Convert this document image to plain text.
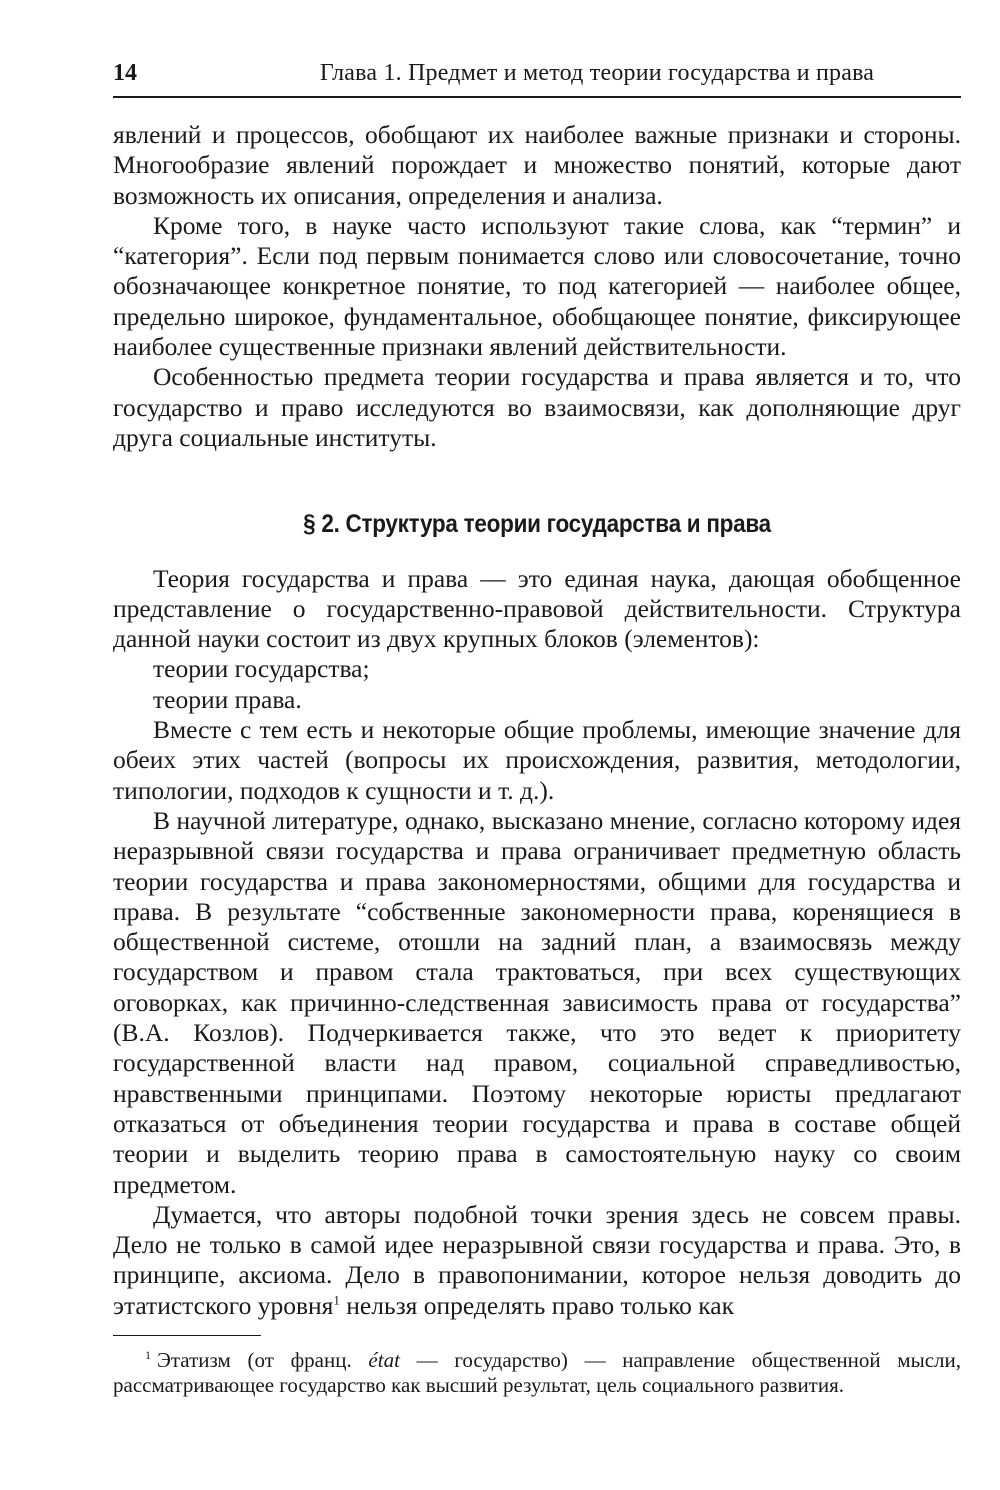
14	Глава 1. Предмет и метод теории государства и права

явлений и процессов, обобщают их наиболее важные признаки и стороны. Многообразие явлений порождает и множество понятий, которые дают возможность их описания, определения и анализа.

Кроме того, в науке часто используют такие слова, как “термин” и “категория”. Если под первым понимается слово или словосочетание, точно обозначающее конкретное понятие, то под категорией — наиболее общее, предельно широкое, фундаментальное, обобщающее понятие, фиксирующее наиболее существенные признаки явлений действительности.

Особенностью предмета теории государства и права является и то, что государство и право исследуются во взаимосвязи, как дополняющие друг друга социальные институты.

§ 2. Структура теории государства и права

Теория государства и права — это единая наука, дающая обобщенное представление о государственно-правовой действительности. Структура данной науки состоит из двух крупных блоков (элементов):

теории государства;

теории права.

Вместе с тем есть и некоторые общие проблемы, имеющие значение для обеих этих частей (вопросы их происхождения, развития, методологии, типологии, подходов к сущности и т. д.).

В научной литературе, однако, высказано мнение, согласно которому идея неразрывной связи государства и права ограничивает предметную область теории государства и права закономерностями, общими для государства и права. В результате “собственные закономерности права, коренящиеся в общественной системе, отошли на задний план, а взаимосвязь между государством и правом стала трактоваться, при всех существующих оговорках, как причинно-следственная зависимость права от государства” (В.А. Козлов). Подчеркивается также, что это ведет к приоритету государственной власти над правом, социальной справедливостью, нравственными принципами. Поэтому некоторые юристы предлагают отказаться от объединения теории государства и права в составе общей теории и выделить теорию права в самостоятельную науку со своим предметом.

Думается, что авторы подобной точки зрения здесь не совсем правы. Дело не только в самой идее неразрывной связи государства и права. Это, в принципе, аксиома. Дело в правопонимании, которое нельзя доводить до этатистского уровня$^1$ нельзя определять право только как

$^1$ Этатизм (от франц. état — государство) — направление общественной мысли, рассматривающее государство как высший результат, цель социального развития.
